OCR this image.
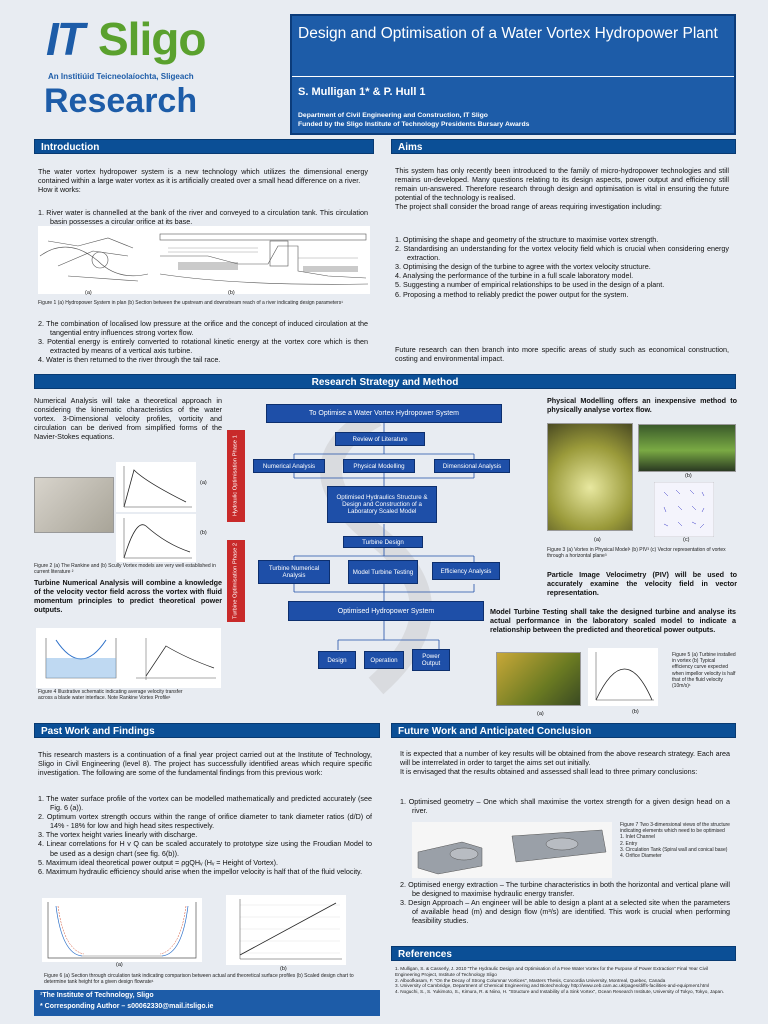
IT Sligo
An Institiúid Teicneolaíochta, Sligeach
Research
Design and Optimisation of a Water Vortex Hydropower Plant
S. Mulligan 1* & P. Hull 1
Department of Civil Engineering and Construction, IT Sligo
Funded by the Sligo Institute of Technology Presidents Bursary Awards
Introduction

The water vortex hydropower system is a new technology which utilizes the dimensional energy contained within a large water vortex as it is artificially created over a small head difference on a river.

How it works:

1. River water is channelled at the bank of the river and conveyed to a circulation tank. This circulation basin possesses a circular orifice at its base.
(a)	(b)
Figure 1 (a) Hydropower System in plan (b) Section between the upstream and downstream reach of a river indicating design parameters¹
2. The combination of localised low pressure at the orifice and the concept of induced circulation at the tangential entry influences strong vortex flow.
3. Potential energy is entirely converted to rotational kinetic energy at the vortex core which is then extracted by means of a vertical axis turbine.
4. Water is then returned to the river through the tail race.
Aims

This system has only recently been introduced to the family of micro-hydropower technologies and still remains un-developed. Many questions relating to its design aspects, power output and efficiency still remain un-answered. Therefore research through design and optimisation is vital in ensuring the future potential of the technology is realised.

The project shall consider the broad range of areas requiring investigation including:

1. Optimising the shape and geometry of the structure to maximise vortex strength.
2. Standardising an understanding for the vortex velocity field which is crucial when considering energy extraction.
3. Optimising the design of the turbine to agree with the vortex velocity structure.
4. Analysing the performance of the turbine in a full scale laboratory model.
5. Suggesting a number of empirical relationships to be used in the design of a plant.
6. Proposing a method to reliably predict the power output for the system.
Future research can then branch into more specific areas of study such as economical construction, costing and environmental impact.
Research Strategy and Method
Numerical Analysis will take a theoretical approach in considering the kinematic characteristics of the water vortex. 3-Dimensional velocity profiles, vorticity and circulation can be derived from simplified forms of the Navier-Stokes equations.
(a)
(b)
Figure 2 (a) The Rankine and (b) Scully Vortex models are very well established in current literature ²
Turbine Numerical Analysis will combine a knowledge of the velocity vector field across the vortex with fluid momentum principles to predict theoretical power outputs.
Figure 4 Illustrative schematic indicating average velocity transfer across a blade water interface. Note Rankine Vortex Profile¹
To Optimise a Water Vortex Hydropower System
Review of Literature
Numerical Analysis	Physical Modelling	Dimensional Analysis
Optimised Hydraulics Structure & Design and Construction of a Laboratory Scaled Model
Turbine Design
Turbine Numerical Analysis	Model Turbine Testing	Efficiency Analysis
Optimised Hydropower System
Design	Operation	Power Output
Hydraulic Optimisation Phase 1
Turbine Optimisation Phase 2
Physical Modelling offers an inexpensive method to physically analyse vortex flow.
(b)
(a)	(c)
Figure 3 (a) Vortex in Physical Model¹ (b) PIV³ (c) Vector representation of vortex through a horizontal plane³
Particle Image Velocimetry (PIV) will be used to accurately examine the velocity field in vector representation.
Model Turbine Testing shall take the designed turbine and analyse its actual performance in the laboratory scaled model to indicate a relationship between the predicted and theoretical power outputs.
(a)	(b)
Figure 5 (a) Turbine installed in vortex (b) Typical efficiency curve expected when impellor velocity is half that of the fluid velocity (10m/s)¹
Past Work and Findings
This research masters is a continuation of a final year project carried out at the Institute of Technology, Sligo in Civil Engineering (level 8). The project has successfully identified areas which require specific investigation. The following are some of the fundamental findings from this previous work:
1. The water surface profile of the vortex can be modelled mathematically and predicted accurately (see Fig. 6 (a)).
2. Optimum vortex strength occurs within the range of orifice diameter to tank diameter ratios (d/D) of 14% - 18% for low and high head sites respectively.
3. The vortex height varies linearly with discharge.
4. Linear correlations for H v Q can be scaled accurately to prototype size using the Froudian Model to be used as a design chart (see fig. 6(b)).
5. Maximum ideal theoretical power output = ρgQHᵥ (Hᵥ = Height of Vortex).
6. Maximum hydraulic efficiency should arise when the impellor velocity is half that of the fluid velocity.
(a)
(b)
Figure 6 (a) Section through circulation tank indicating comparison between actual and theoretical surface profiles (b) Scaled design chart to determine tank height for a given design flowrate¹
¹The Institute of Technology, Sligo
* Corresponding Author – s00062330@mail.itsligo.ie
Future Work and Anticipated Conclusion

It is expected that a number of key results will be obtained from the above research strategy. Each area will be interrelated in order to target the aims set out initially.

It is envisaged that the results obtained and assessed shall lead to three primary conclusions:

1. Optimised geometry – One which shall maximise the vortex strength for a given design head on a river.
Figure 7 Two 3-dimensional views of the structure indicating elements which need to be optimised
1. Inlet Channel
2. Entry
3. Circulation Tank (Spiral wall and conical base)
4. Orifice Diameter
2. Optimised energy extraction – The turbine characteristics in both the horizontal and vertical plane will be designed to maximise hydraulic energy transfer.
3. Design Approach – An engineer will be able to design a plant at a selected site when the parameters of available head (m) and design flow (m³/s) are identified. This work is crucial when performing feasibility studies.
References
1. Mulligan, S. & Casserly, J. 2010 "The Hydraulic Design and Optimisation of a Free Water Vortex for the Purpose of Power Extraction" Final Year Civil Engineering Project, Institute of Technology Sligo
2. Alboofkasam, F. "On the Decay of Strong Columnar Vortices", Masters Thesis, Concordia University, Montreal, Quebec, Canada
3. University of Cambridge, Department of Chemical Engineering and Biotechnology http://www.ceb.cam.ac.uk/pages/diffs-facilities-and-equipment.html
4. Noguchi, S., S. Yukimoto, S., Kimura, R. & Niino, H. "Structure and Instability of a Sink Vortex", Ocean Research Institute, University of Tokyo, Tokyo, Japan.
